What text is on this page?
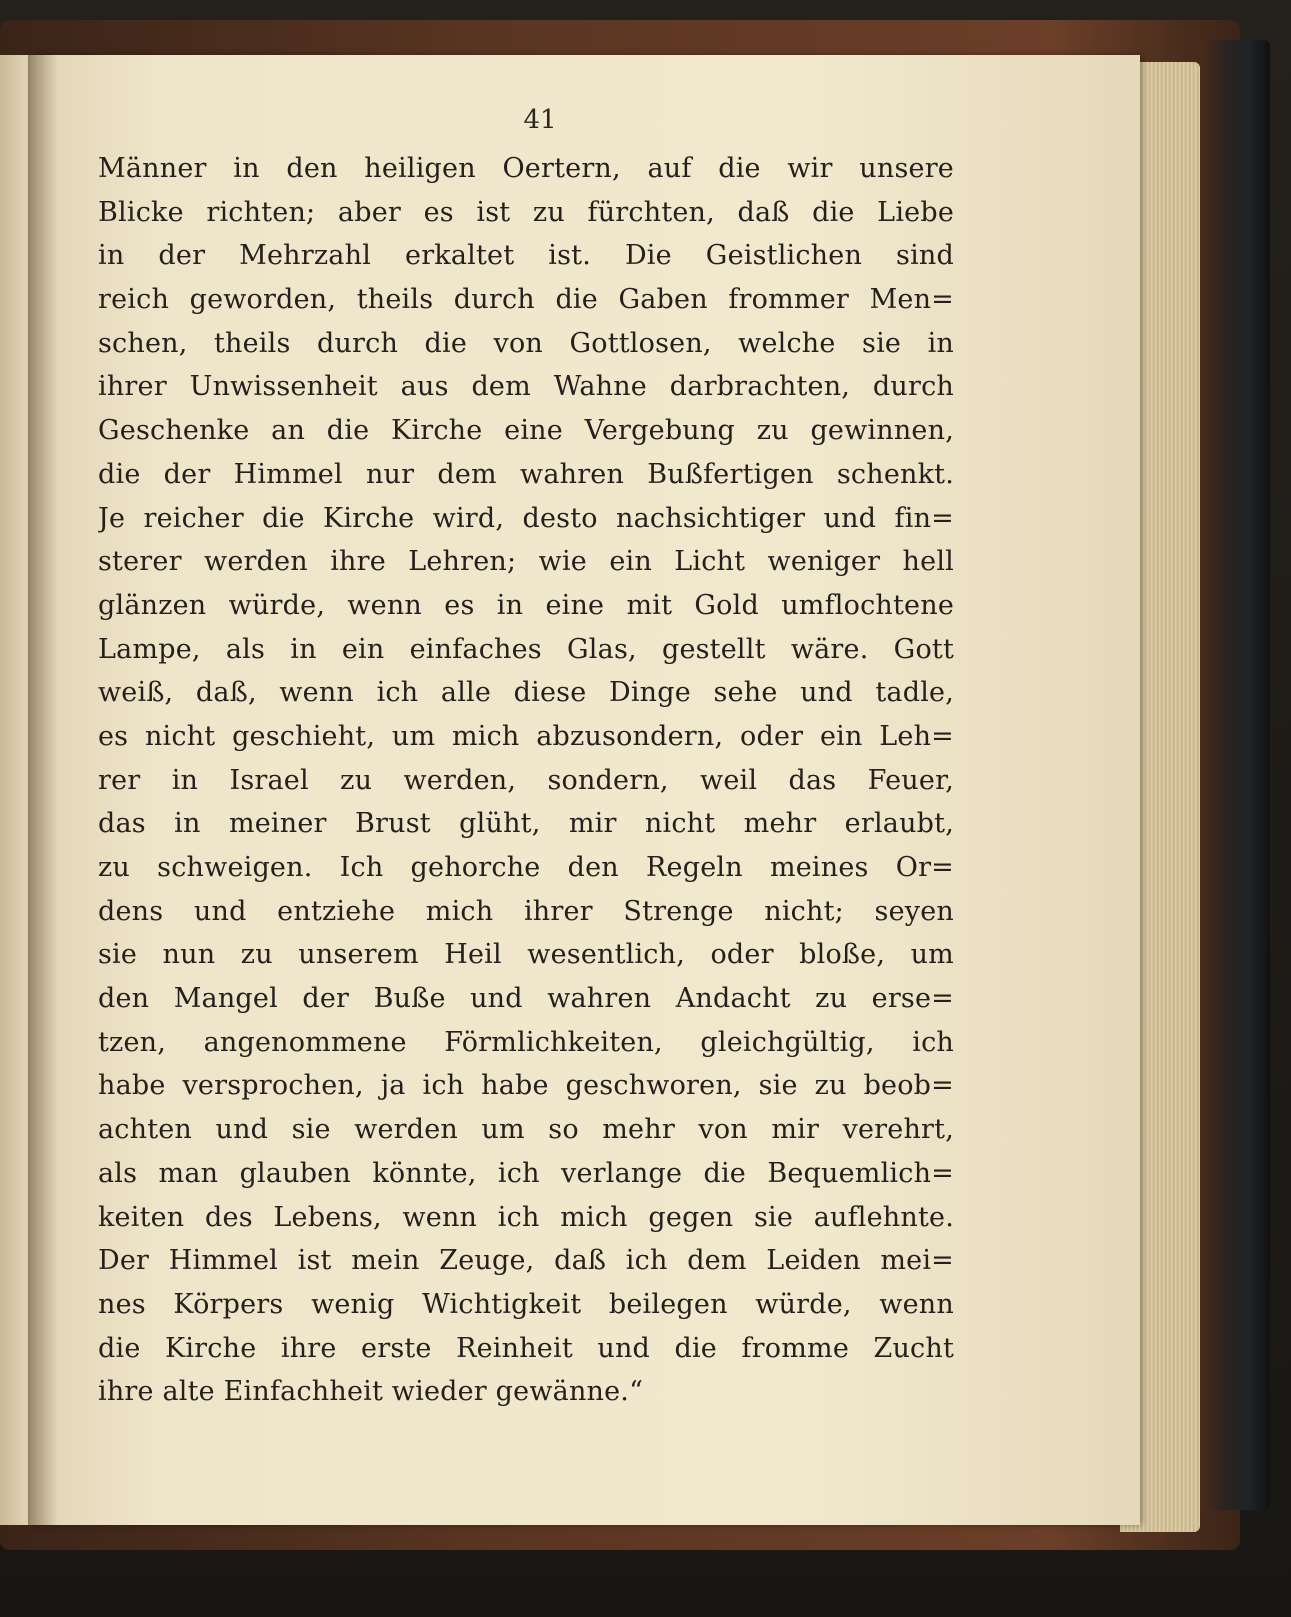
41
Männer in den heiligen Oertern, auf die wir unsere
Blicke richten; aber es ist zu fürchten, daß die Liebe
in der Mehrzahl erkaltet ist. Die Geistlichen sind
reich geworden, theils durch die Gaben frommer Men=
schen, theils durch die von Gottlosen, welche sie in
ihrer Unwissenheit aus dem Wahne darbrachten, durch
Geschenke an die Kirche eine Vergebung zu gewinnen,
die der Himmel nur dem wahren Bußfertigen schenkt.
Je reicher die Kirche wird, desto nachsichtiger und fin=
sterer werden ihre Lehren; wie ein Licht weniger hell
glänzen würde, wenn es in eine mit Gold umflochtene
Lampe, als in ein einfaches Glas, gestellt wäre. Gott
weiß, daß, wenn ich alle diese Dinge sehe und tadle,
es nicht geschieht, um mich abzusondern, oder ein Leh=
rer in Israel zu werden, sondern, weil das Feuer,
das in meiner Brust glüht, mir nicht mehr erlaubt,
zu schweigen. Ich gehorche den Regeln meines Or=
dens und entziehe mich ihrer Strenge nicht; seyen
sie nun zu unserem Heil wesentlich, oder bloße, um
den Mangel der Buße und wahren Andacht zu erse=
tzen, angenommene Förmlichkeiten, gleichgültig, ich
habe versprochen, ja ich habe geschworen, sie zu beob=
achten und sie werden um so mehr von mir verehrt,
als man glauben könnte, ich verlange die Bequemlich=
keiten des Lebens, wenn ich mich gegen sie auflehnte.
Der Himmel ist mein Zeuge, daß ich dem Leiden mei=
nes Körpers wenig Wichtigkeit beilegen würde, wenn
die Kirche ihre erste Reinheit und die fromme Zucht
ihre alte Einfachheit wieder gewänne.“
